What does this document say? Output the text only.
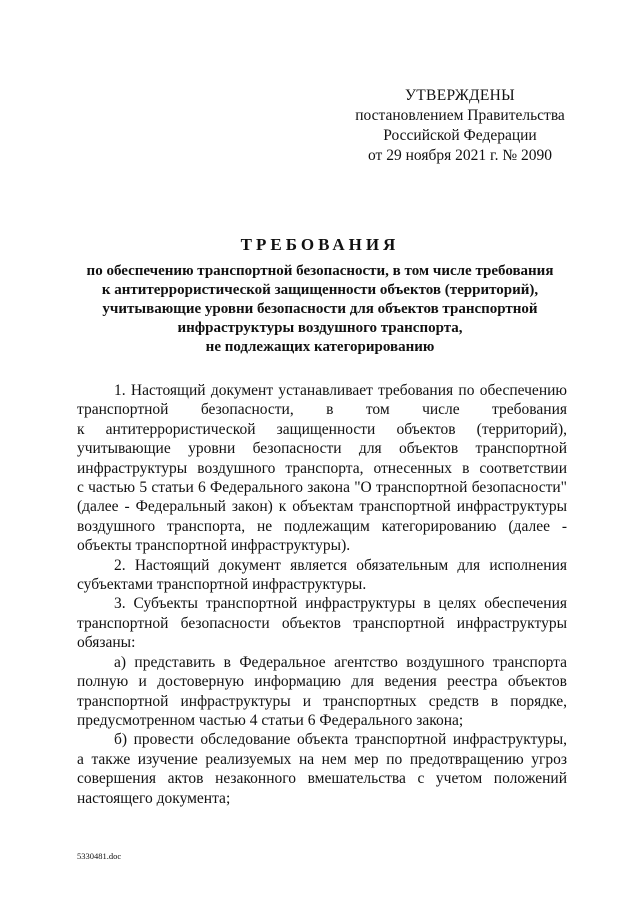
УТВЕРЖДЕНЫ
постановлением Правительства
Российской Федерации
от 29 ноября 2021 г. № 2090
ТРЕБОВАНИЯ
по обеспечению транспортной безопасности, в том числе требования
к антитеррористической защищенности объектов (территорий),
учитывающие уровни безопасности для объектов транспортной
инфраструктуры воздушного транспорта,
не подлежащих категорированию
1. Настоящий документ устанавливает требования по обеспечению
транспортной безопасности, в том числе требования
к антитеррористической защищенности объектов (территорий),
учитывающие уровни безопасности для объектов транспортной
инфраструктуры воздушного транспорта, отнесенных в соответствии
с частью 5 статьи 6 Федерального закона "О транспортной безопасности"
(далее - Федеральный закон) к объектам транспортной инфраструктуры
воздушного транспорта, не подлежащим категорированию (далее -
объекты транспортной инфраструктуры).
2. Настоящий документ является обязательным для исполнения
субъектами транспортной инфраструктуры.
3. Субъекты транспортной инфраструктуры в целях обеспечения
транспортной безопасности объектов транспортной инфраструктуры
обязаны:
а) представить в Федеральное агентство воздушного транспорта
полную и достоверную информацию для ведения реестра объектов
транспортной инфраструктуры и транспортных средств в порядке,
предусмотренном частью 4 статьи 6 Федерального закона;
б) провести обследование объекта транспортной инфраструктуры,
а также изучение реализуемых на нем мер по предотвращению угроз
совершения актов незаконного вмешательства с учетом положений
настоящего документа;
5330481.doc
